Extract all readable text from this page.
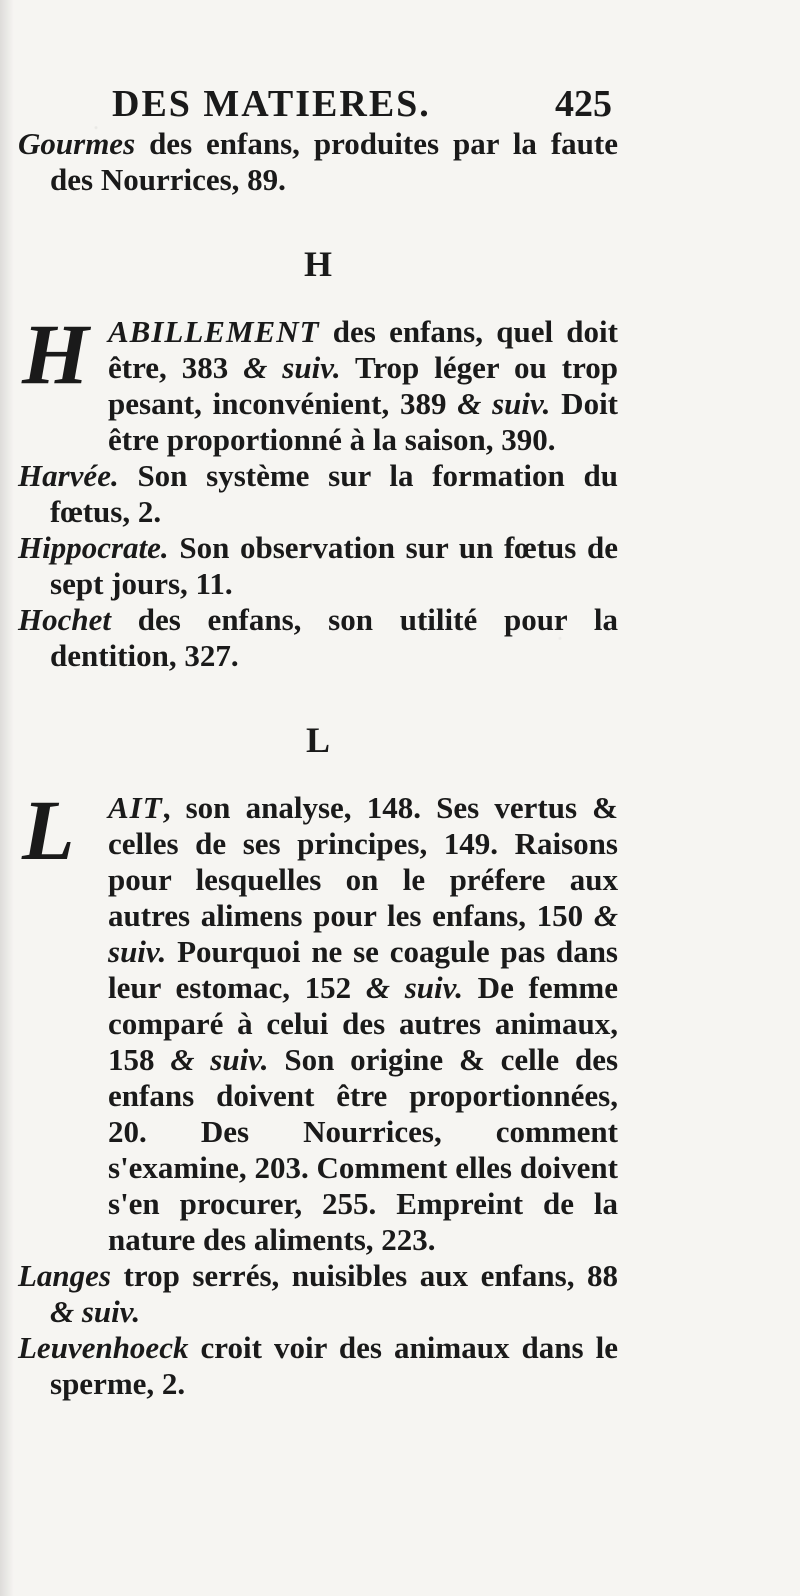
DES MATIERES.	425

Gourmes des enfans, produites par la faute des Nourrices, 89.

H

H ABILLEMENT des enfans, quel doit être, 383 & suiv. Trop léger ou trop pesant, inconvénient, 389 & suiv. Doit être proportionné à la saison, 390.

Harvée. Son système sur la formation du fœtus, 2.

Hippocrate. Son observation sur un fœtus de sept jours, 11.

Hochet des enfans, son utilité pour la dentition, 327.

L

L	AIT, son analyse, 148. Ses vertus & celles de ses principes, 149. Raisons pour lesquelles on le préfere aux autres alimens pour les enfans, 150 & suiv. Pourquoi ne se coagule pas dans leur estomac, 152 & suiv. De femme comparé à celui des autres animaux, 158 & suiv. Son origine & celle des enfans doivent être proportionnées, 20. Des Nourrices, comment s'examine, 203. Comment elles doivent s'en procurer, 255. Empreint de la nature des aliments, 223.

Langes trop serrés, nuisibles aux enfans, 88 & suiv.

Leuvenhoeck croit voir des animaux dans le sperme, 2.
